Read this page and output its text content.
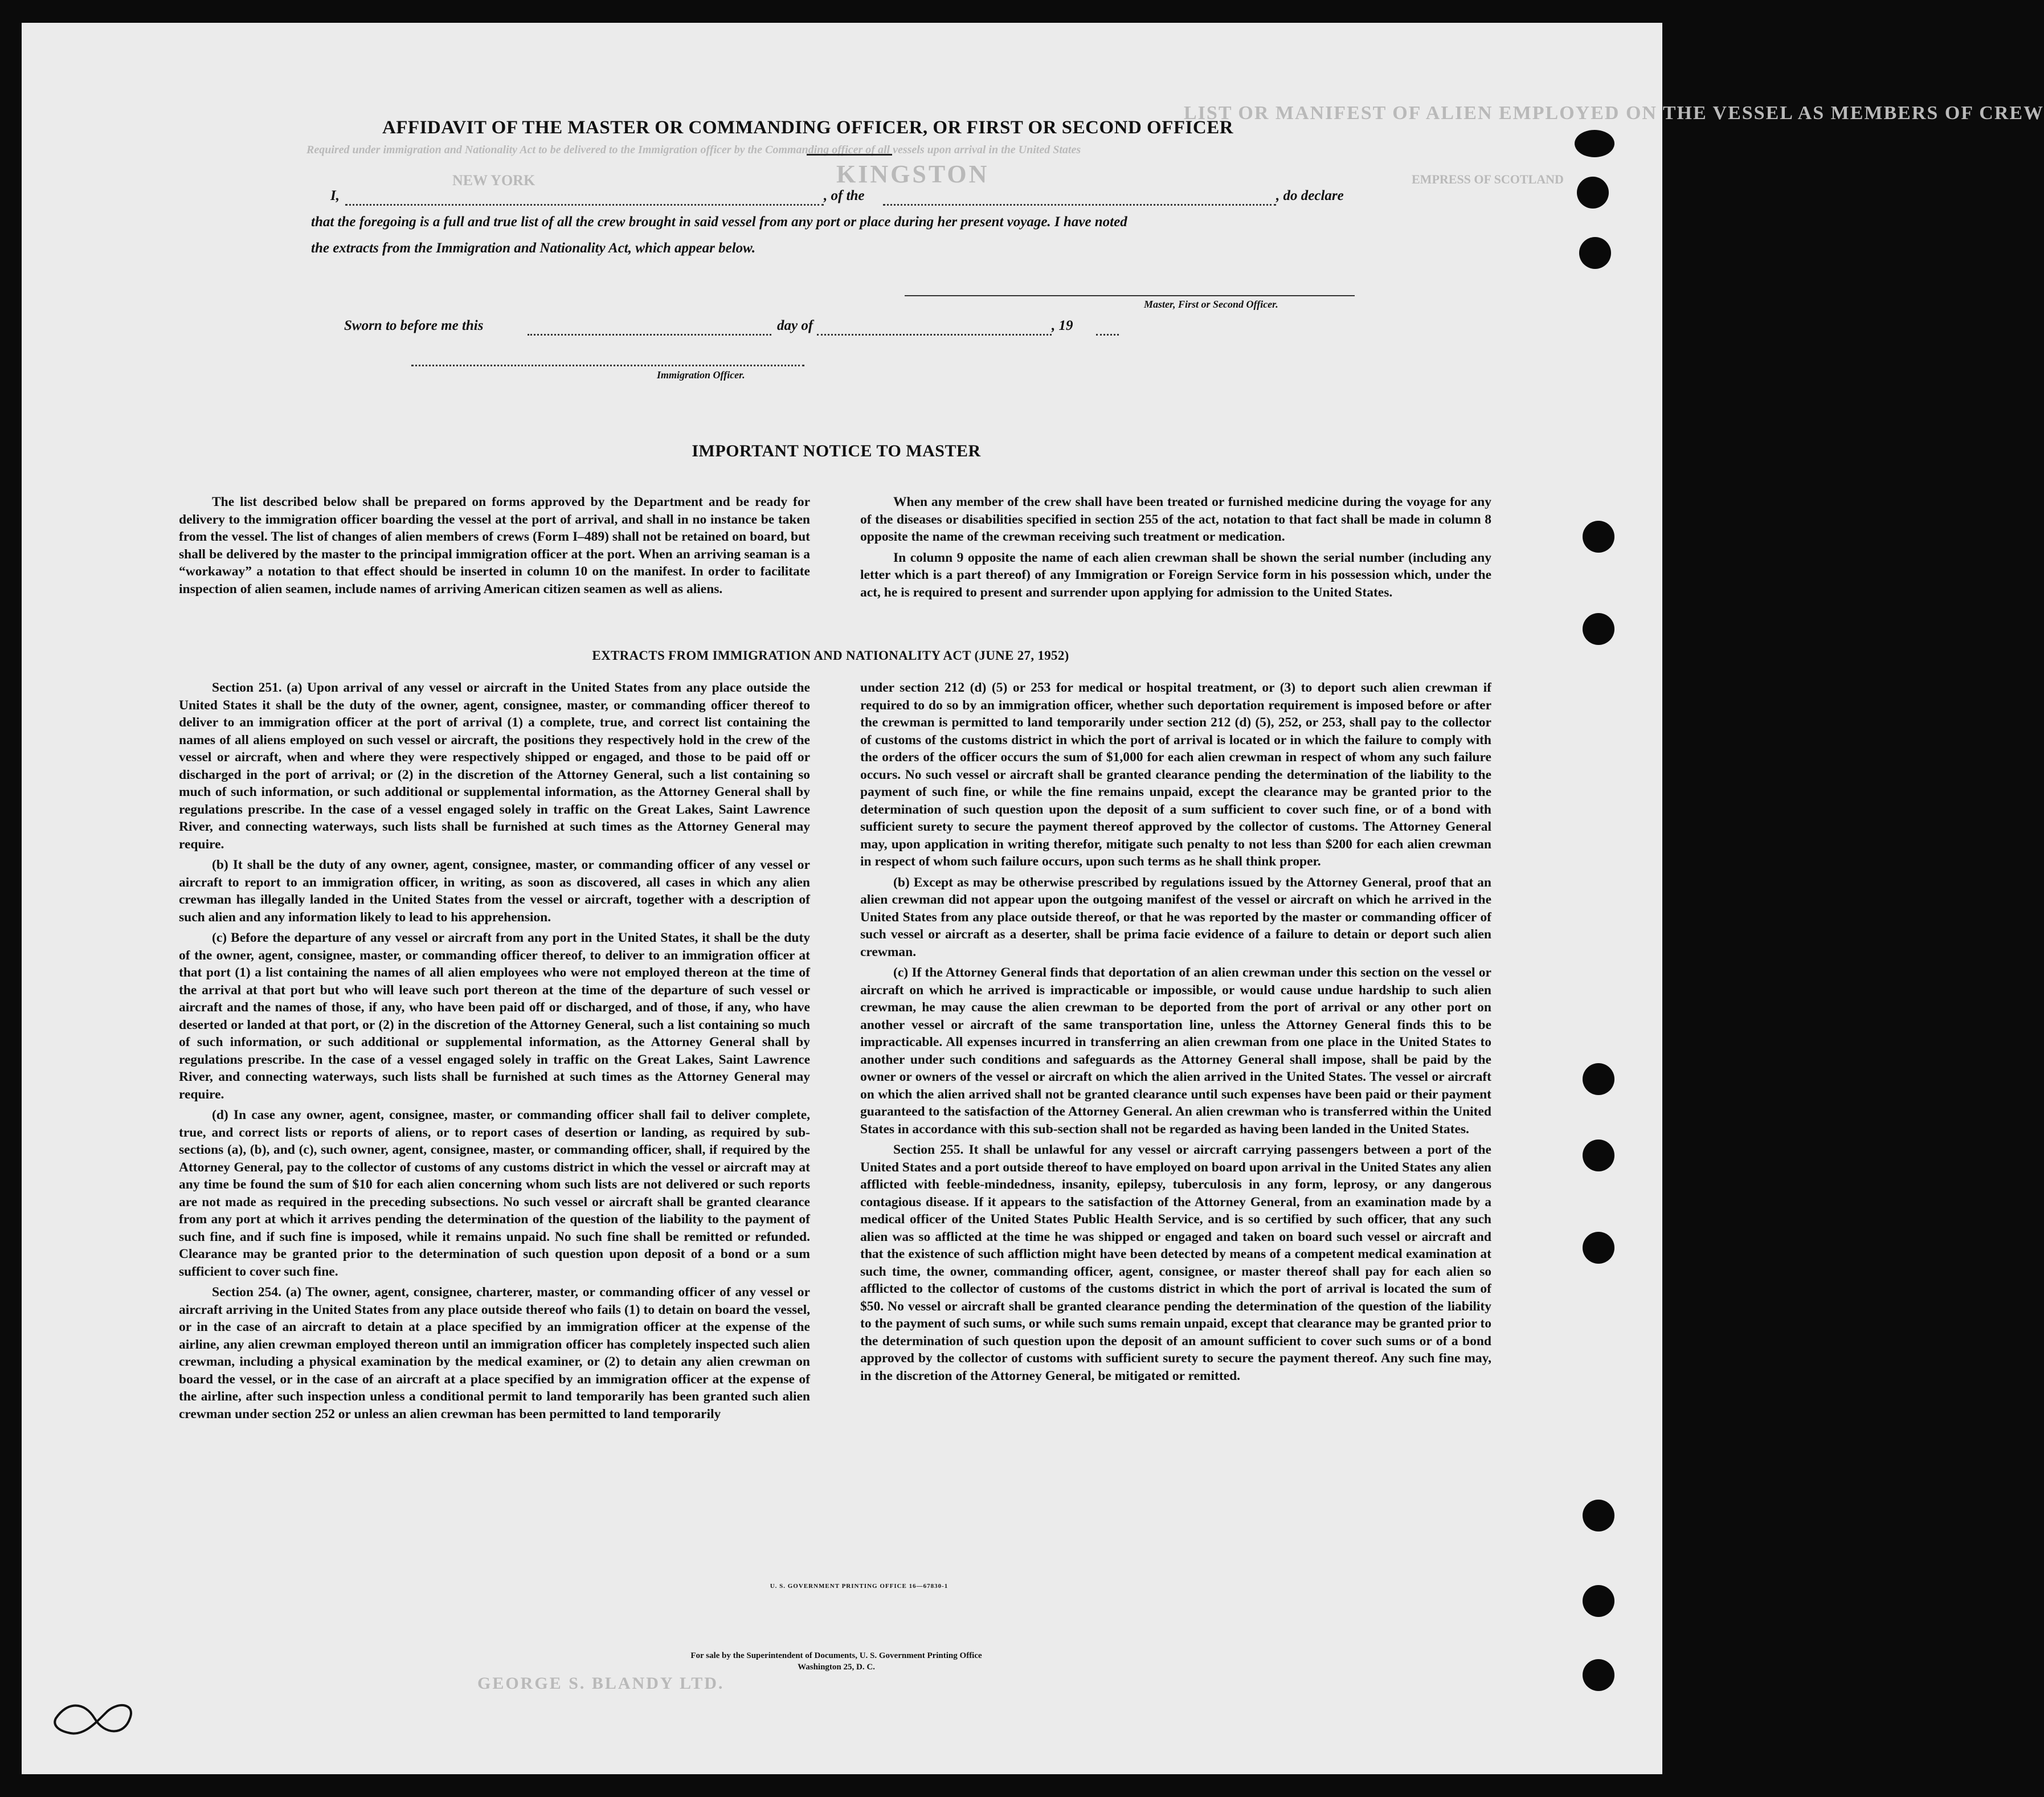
LIST OR MANIFEST OF ALIEN EMPLOYED ON THE VESSEL AS MEMBERS OF CREW
Required under immigration and Nationality Act to be delivered to the Immigration officer by the Commanding officer of all vessels upon arrival in the United States
NEW YORK	KINGSTON	EMPRESS OF SCOTLAND
GEORGE S. BLANDY LTD.
AFFIDAVIT OF THE MASTER OR COMMANDING OFFICER, OR FIRST OR SECOND OFFICER
I,	, of the	, do declare
that the foregoing is a full and true list of all the crew brought in said vessel from any port or place during her present voyage. I have noted
the extracts from the Immigration and Nationality Act, which appear below.
Master, First or Second Officer.
Sworn to before me this	day of	, 19
Immigration Officer.
IMPORTANT NOTICE TO MASTER

The list described below shall be prepared on forms approved by the Department and be ready for delivery to the immigration officer boarding the vessel at the port of arrival, and shall in no instance be taken from the vessel. The list of changes of alien members of crews (Form I–489) shall not be retained on board, but shall be delivered by the master to the principal immigration officer at the port. When an arriving seaman is a “workaway” a notation to that effect should be inserted in column 10 on the manifest. In order to facilitate inspection of alien seamen, include names of arriving American citizen seamen as well as aliens.

When any member of the crew shall have been treated or furnished medicine during the voyage for any of the diseases or disabilities specified in section 255 of the act, notation to that fact shall be made in column 8 opposite the name of the crewman receiving such treatment or medication.

In column 9 opposite the name of each alien crewman shall be shown the serial number (including any letter which is a part thereof) of any Immigration or Foreign Service form in his possession which, under the act, he is required to present and surrender upon applying for admission to the United States.

EXTRACTS FROM IMMIGRATION AND NATIONALITY ACT (JUNE 27, 1952)

Section 251. (a) Upon arrival of any vessel or aircraft in the United States from any place outside the United States it shall be the duty of the owner, agent, consignee, master, or commanding officer thereof to deliver to an immigration officer at the port of arrival (1) a complete, true, and correct list containing the names of all aliens employed on such vessel or aircraft, the positions they respectively hold in the crew of the vessel or aircraft, when and where they were respectively shipped or engaged, and those to be paid off or discharged in the port of arrival; or (2) in the discretion of the Attorney General, such a list containing so much of such information, or such additional or supplemental information, as the Attorney General shall by regulations prescribe. In the case of a vessel engaged solely in traffic on the Great Lakes, Saint Lawrence River, and connecting waterways, such lists shall be furnished at such times as the Attorney General may require.

(b) It shall be the duty of any owner, agent, consignee, master, or commanding officer of any vessel or aircraft to report to an immigration officer, in writing, as soon as discovered, all cases in which any alien crewman has illegally landed in the United States from the vessel or aircraft, together with a description of such alien and any information likely to lead to his apprehension.

(c) Before the departure of any vessel or aircraft from any port in the United States, it shall be the duty of the owner, agent, consignee, master, or commanding officer thereof, to deliver to an immigration officer at that port (1) a list containing the names of all alien employees who were not employed thereon at the time of the arrival at that port but who will leave such port thereon at the time of the departure of such vessel or aircraft and the names of those, if any, who have been paid off or discharged, and of those, if any, who have deserted or landed at that port, or (2) in the discretion of the Attorney General, such a list containing so much of such information, or such additional or supplemental information, as the Attorney General shall by regulations prescribe. In the case of a vessel engaged solely in traffic on the Great Lakes, Saint Lawrence River, and connecting waterways, such lists shall be furnished at such times as the Attorney General may require.

(d) In case any owner, agent, consignee, master, or commanding officer shall fail to deliver complete, true, and correct lists or reports of aliens, or to report cases of desertion or landing, as required by sub-sections (a), (b), and (c), such owner, agent, consignee, master, or commanding officer, shall, if required by the Attorney General, pay to the collector of customs of any customs district in which the vessel or aircraft may at any time be found the sum of $10 for each alien concerning whom such lists are not delivered or such reports are not made as required in the preceding subsections. No such vessel or aircraft shall be granted clearance from any port at which it arrives pending the determination of the question of the liability to the payment of such fine, and if such fine is imposed, while it remains unpaid. No such fine shall be remitted or refunded. Clearance may be granted prior to the determination of such question upon deposit of a bond or a sum sufficient to cover such fine.

Section 254. (a) The owner, agent, consignee, charterer, master, or commanding officer of any vessel or aircraft arriving in the United States from any place outside thereof who fails (1) to detain on board the vessel, or in the case of an aircraft to detain at a place specified by an immigration officer at the expense of the airline, any alien crewman employed thereon until an immigration officer has completely inspected such alien crewman, including a physical examination by the medical examiner, or (2) to detain any alien crewman on board the vessel, or in the case of an aircraft at a place specified by an immigration officer at the expense of the airline, after such inspection unless a conditional permit to land temporarily has been granted such alien crewman under section 252 or unless an alien crewman has been permitted to land temporarily

under section 212 (d) (5) or 253 for medical or hospital treatment, or (3) to deport such alien crewman if required to do so by an immigration officer, whether such deportation requirement is imposed before or after the crewman is permitted to land temporarily under section 212 (d) (5), 252, or 253, shall pay to the collector of customs of the customs district in which the port of arrival is located or in which the failure to comply with the orders of the officer occurs the sum of $1,000 for each alien crewman in respect of whom any such failure occurs. No such vessel or aircraft shall be granted clearance pending the determination of the liability to the payment of such fine, or while the fine remains unpaid, except the clearance may be granted prior to the determination of such question upon the deposit of a sum sufficient to cover such fine, or of a bond with sufficient surety to secure the payment thereof approved by the collector of customs. The Attorney General may, upon application in writing therefor, mitigate such penalty to not less than $200 for each alien crewman in respect of whom such failure occurs, upon such terms as he shall think proper.

(b) Except as may be otherwise prescribed by regulations issued by the Attorney General, proof that an alien crewman did not appear upon the outgoing manifest of the vessel or aircraft on which he arrived in the United States from any place outside thereof, or that he was reported by the master or commanding officer of such vessel or aircraft as a deserter, shall be prima facie evidence of a failure to detain or deport such alien crewman.

(c) If the Attorney General finds that deportation of an alien crewman under this section on the vessel or aircraft on which he arrived is impracticable or impossible, or would cause undue hardship to such alien crewman, he may cause the alien crewman to be deported from the port of arrival or any other port on another vessel or aircraft of the same transportation line, unless the Attorney General finds this to be impracticable. All expenses incurred in transferring an alien crewman from one place in the United States to another under such conditions and safeguards as the Attorney General shall impose, shall be paid by the owner or owners of the vessel or aircraft on which the alien arrived in the United States. The vessel or aircraft on which the alien arrived shall not be granted clearance until such expenses have been paid or their payment guaranteed to the satisfaction of the Attorney General. An alien crewman who is transferred within the United States in accordance with this sub-section shall not be regarded as having been landed in the United States.

Section 255. It shall be unlawful for any vessel or aircraft carrying passengers between a port of the United States and a port outside thereof to have employed on board upon arrival in the United States any alien afflicted with feeble-mindedness, insanity, epilepsy, tuberculosis in any form, leprosy, or any dangerous contagious disease. If it appears to the satisfaction of the Attorney General, from an examination made by a medical officer of the United States Public Health Service, and is so certified by such officer, that any such alien was so afflicted at the time he was shipped or engaged and taken on board such vessel or aircraft and that the existence of such affliction might have been detected by means of a competent medical examination at such time, the owner, commanding officer, agent, consignee, or master thereof shall pay for each alien so afflicted to the collector of customs of the customs district in which the port of arrival is located the sum of $50. No vessel or aircraft shall be granted clearance pending the determination of the question of the liability to the payment of such sums, or while such sums remain unpaid, except that clearance may be granted prior to the determination of such question upon the deposit of an amount sufficient to cover such sums or of a bond approved by the collector of customs with sufficient surety to secure the payment thereof. Any such fine may, in the discretion of the Attorney General, be mitigated or remitted.

U. S. GOVERNMENT PRINTING OFFICE 16—67830-1
For sale by the Superintendent of Documents, U. S. Government Printing Office
Washington 25, D. C.
